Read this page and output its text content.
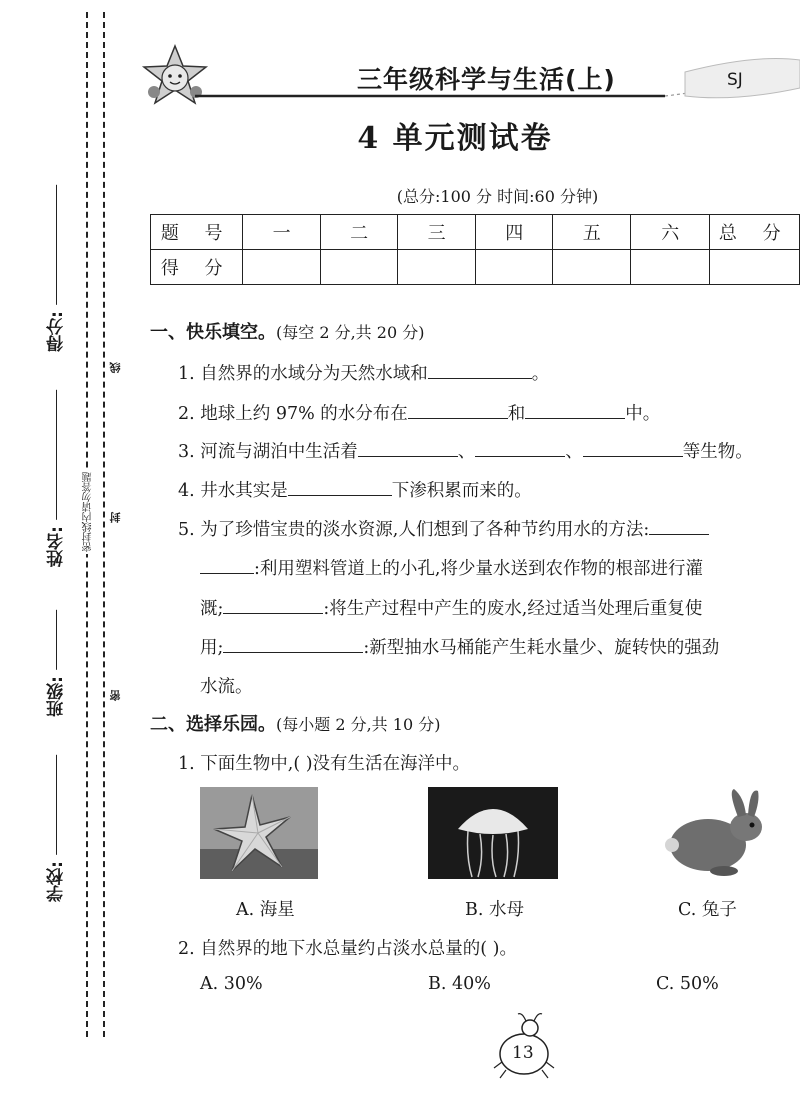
密封线内请勿答题
线
封
密
学校:
班级:
姓名:
得分:
三年级科学与生活(上)	SJ
4 单元测试卷
(总分:100 分 时间:60 分钟)
题 号	一	二	三	四	五	六	总 分
得 分							
一、快乐填空。(每空 2 分,共 20 分)
1. 自然界的水域分为天然水域和	。
2. 地球上约 97% 的水分布在	和	中。
3. 河流与湖泊中生活着	、	、	等生物。
4. 井水其实是	下渗积累而来的。
5. 为了珍惜宝贵的淡水资源,人们想到了各种节约用水的方法:
:利用塑料管道上的小孔,将少量水送到农作物的根部进行灌
溉;	:将生产过程中产生的废水,经过适当处理后重复使
用;	:新型抽水马桶能产生耗水量少、旋转快的强劲
水流。
二、选择乐园。(每小题 2 分,共 10 分)
1. 下面生物中,( )没有生活在海洋中。
A. 海星	B. 水母	C. 兔子
2. 自然界的地下水总量约占淡水总量的( )。
A. 30%	B. 40%	C. 50%
13
